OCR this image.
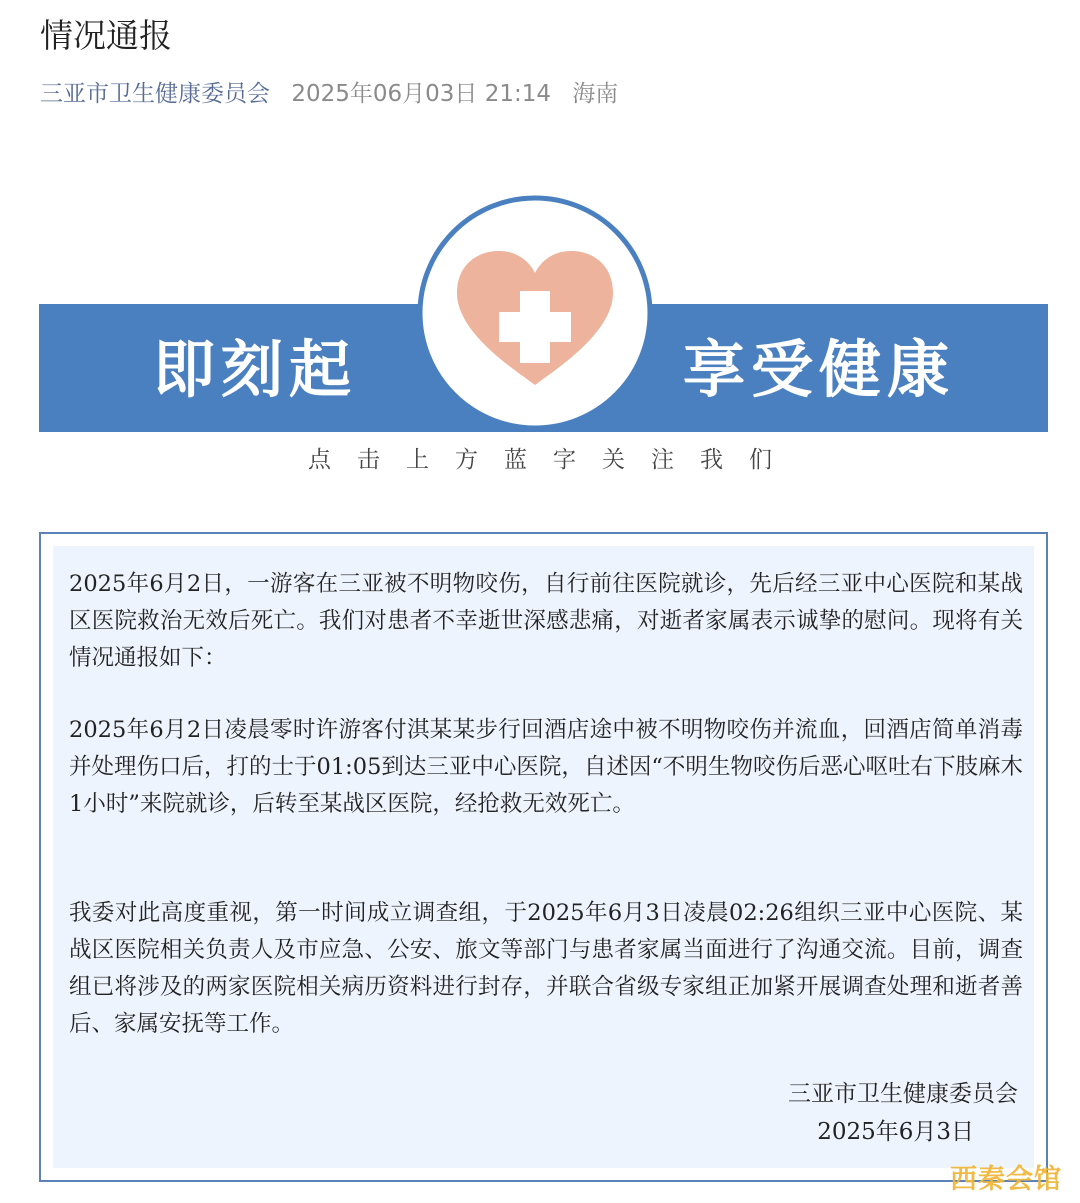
情况通报
三亚市卫生健康委员会 2025年06月03日 21:14 海南
即刻起	享受健康
点 击 上 方 蓝 字 关 注 我 们

2025年6月2日，一游客在三亚被不明物咬伤，自行前往医院就诊，先后经三亚中心医院和某战区医院救治无效后死亡。我们对患者不幸逝世深感悲痛，对逝者家属表示诚挚的慰问。现将有关情况通报如下：

2025年6月2日凌晨零时许游客付淇某某步行回酒店途中被不明物咬伤并流血，回酒店简单消毒并处理伤口后，打的士于01:05到达三亚中心医院，自述因“不明生物咬伤后恶心呕吐右下肢麻木1小时”来院就诊，后转至某战区医院，经抢救无效死亡。

我委对此高度重视，第一时间成立调查组，于2025年6月3日凌晨02:26组织三亚中心医院、某战区医院相关负责人及市应急、公安、旅文等部门与患者家属当面进行了沟通交流。目前，调查组已将涉及的两家医院相关病历资料进行封存，并联合省级专家组正加紧开展调查处理和逝者善后、家属安抚等工作。

三亚市卫生健康委员会
2025年6月3日
西秦会馆
